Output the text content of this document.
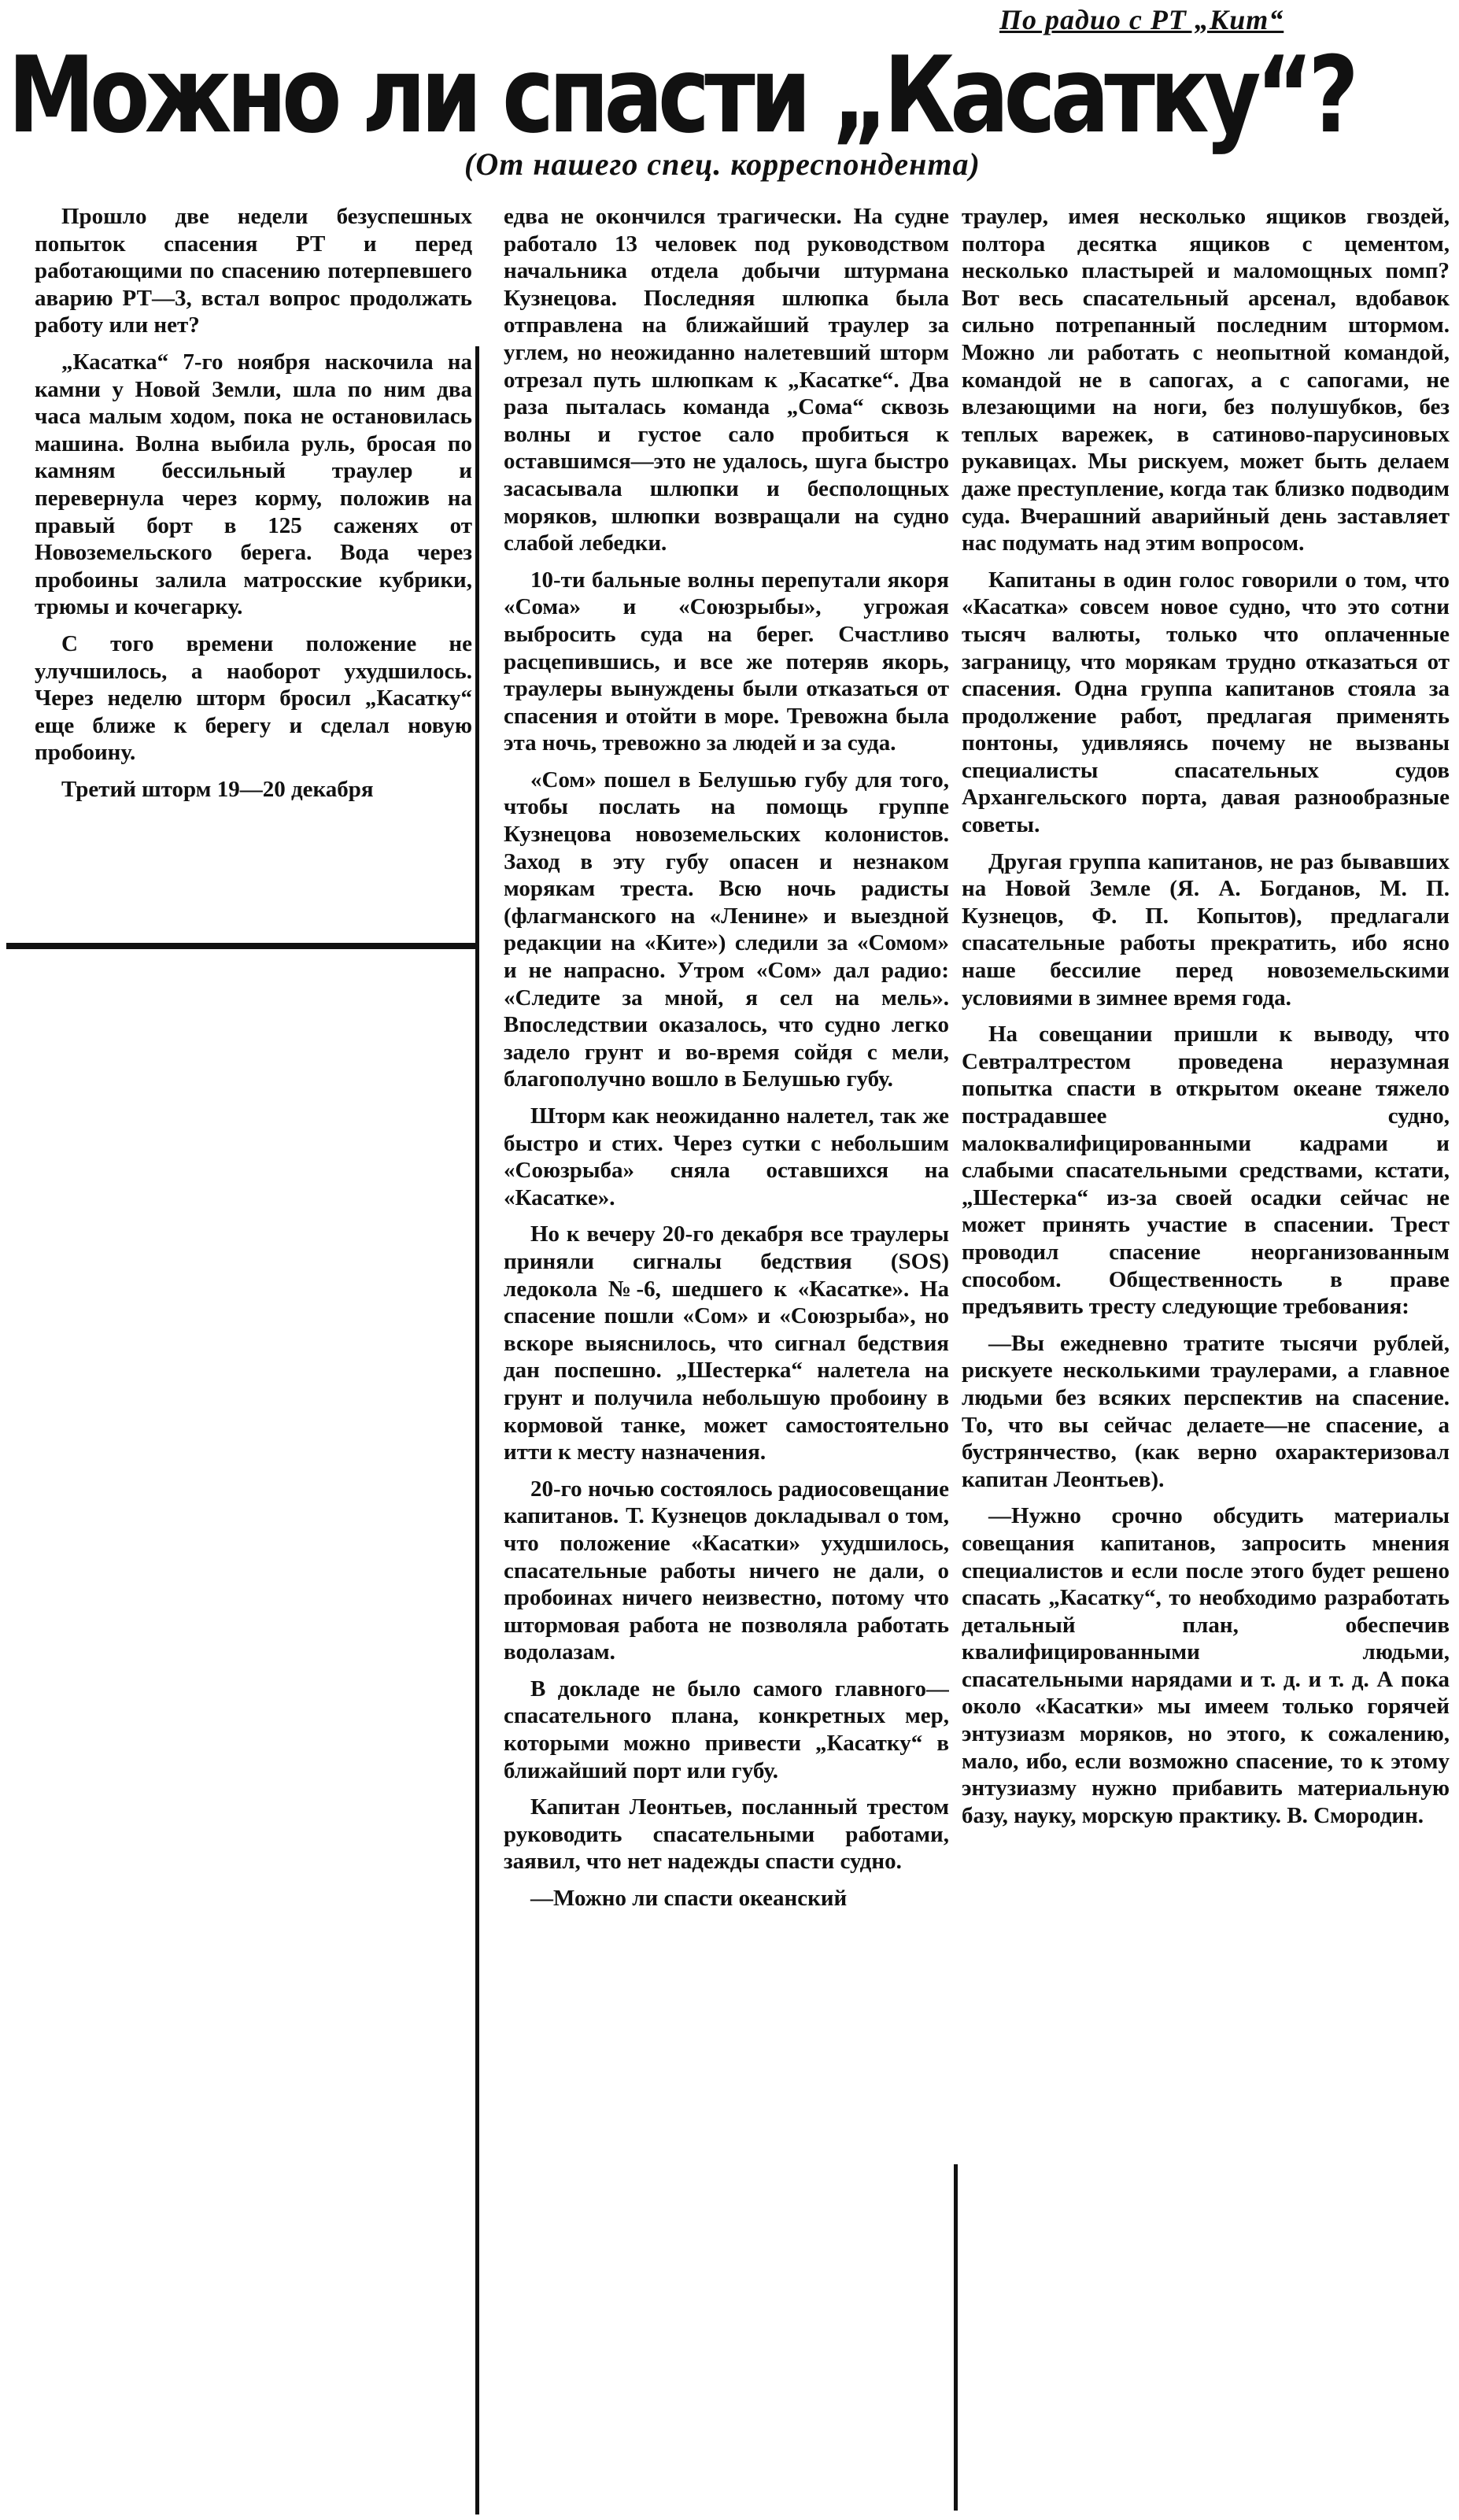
По радио с РТ „Кит“
Можно ли спасти „Касатку“?
(От нашего спец. корреспондента)

Прошло две недели безуспешных попыток спасения РТ и перед работающими по спасению потерпевшего аварию РТ—3, встал вопрос продолжать работу или нет?

„Касатка“ 7-го ноября наскочила на камни у Новой Земли, шла по ним два часа малым ходом, пока не остановилась машина. Волна выбила руль, бросая по камням бессильный траулер и перевернула через корму, положив на правый борт в 125 саженях от Новоземельского берега. Вода через пробоины залила матросские кубрики, трюмы и кочегарку.

С того времени положение не улучшилось, а наоборот ухудшилось. Через неделю шторм бросил „Касатку“ еще ближе к берегу и сделал новую пробоину.

Третий шторм 19—20 декабря

едва не окончился трагически. На судне работало 13 человек под руководством начальника отдела добычи штурмана Кузнецова. Последняя шлюпка была отправлена на ближайший траулер за углем, но неожиданно налетевший шторм отрезал путь шлюпкам к „Касатке“. Два раза пыталась команда „Сома“ сквозь волны и густое сало пробиться к оставшимся—это не удалось, шуга быстро засасывала шлюпки и бесполощных моряков, шлюпки возвращали на судно слабой лебедки.

10-ти бальные волны перепутали якоря «Сома» и «Союзрыбы», угрожая выбросить суда на берег. Счастливо расцепившись, и все же потеряв якорь, траулеры вынуждены были отказаться от спасения и отойти в море. Тревожна была эта ночь, тревожно за людей и за суда.

«Сом» пошел в Белушью губу для того, чтобы послать на помощь группе Кузнецова новоземельских колонистов. Заход в эту губу опасен и незнаком морякам треста. Всю ночь радисты (флагманского на «Ленине» и выездной редакции на «Ките») следили за «Сомом» и не напрасно. Утром «Сом» дал радио: «Следите за мной, я сел на мель». Впоследствии оказалось, что судно легко задело грунт и во-время сойдя с мели, благополучно вошло в Белушью губу.

Шторм как неожиданно налетел, так же быстро и стих. Через сутки с небольшим «Союзрыба» сняла оставшихся на «Касатке».

Но к вечеру 20-го декабря все траулеры приняли сигналы бедствия (SOS) ледокола №-6, шедшего к «Касатке». На спасение пошли «Сом» и «Союзрыба», но вскоре выяснилось, что сигнал бедствия дан поспешно. „Шестерка“ налетела на грунт и получила небольшую пробоину в кормовой танке, может самостоятельно итти к месту назначения.

20-го ночью состоялось радиосовещание капитанов. Т. Кузнецов докладывал о том, что положение «Касатки» ухудшилось, спасательные работы ничего не дали, о пробоинах ничего неизвестно, потому что штормовая работа не позволяла работать водолазам.

В докладе не было самого главного—спасательного плана, конкретных мер, которыми можно привести „Касатку“ в ближайший порт или губу.

Капитан Леонтьев, посланный трестом руководить спасательными работами, заявил, что нет надежды спасти судно.

—Можно ли спасти океанский

траулер, имея несколько ящиков гвоздей, полтора десятка ящиков с цементом, несколько пластырей и маломощных помп? Вот весь спасательный арсенал, вдобавок сильно потрепанный последним штормом. Можно ли работать с неопытной командой, командой не в сапогах, а с сапогами, не влезающими на ноги, без полушубков, без теплых варежек, в сатиново-парусиновых рукавицах. Мы рискуем, может быть делаем даже преступление, когда так близко подводим суда. Вчерашний аварийный день заставляет нас подумать над этим вопросом.

Капитаны в один голос говорили о том, что «Касатка» совсем новое судно, что это сотни тысяч валюты, только что оплаченные заграницу, что морякам трудно отказаться от спасения. Одна группа капитанов стояла за продолжение работ, предлагая применять понтоны, удивляясь почему не вызваны специалисты спасательных судов Архангельского порта, давая разнообразные советы.

Другая группа капитанов, не раз бывавших на Новой Земле (Я. А. Богданов, М. П. Кузнецов, Ф. П. Копытов), предлагали спасательные работы прекратить, ибо ясно наше бессилие перед новоземельскими условиями в зимнее время года.

На совещании пришли к выводу, что Севтралтрестом проведена неразумная попытка спасти в открытом океане тяжело пострадавшее судно, малоквалифицированными кадрами и слабыми спасательными средствами, кстати, „Шестерка“ из-за своей осадки сейчас не может принять участие в спасении. Трест проводил спасение неорганизованным способом. Общественность в праве предъявить тресту следующие требования:

—Вы ежедневно тратите тысячи рублей, рискуете несколькими траулерами, а главное людьми без всяких перспектив на спасение. То, что вы сейчас делаете—не спасение, а бустрянчество, (как верно охарактеризовал капитан Леонтьев).

—Нужно срочно обсудить материалы совещания капитанов, запросить мнения специалистов и если после этого будет решено спасать „Касатку“, то необходимо разработать детальный план, обеспечив квалифицированными людьми, спасательными нарядами и т. д. и т. д. А пока около «Касатки» мы имеем только горячей энтузиазм моряков, но этого, к сожалению, мало, ибо, если возможно спасение, то к этому энтузиазму нужно прибавить материальную базу, науку, морскую практику. В. Смородин.
